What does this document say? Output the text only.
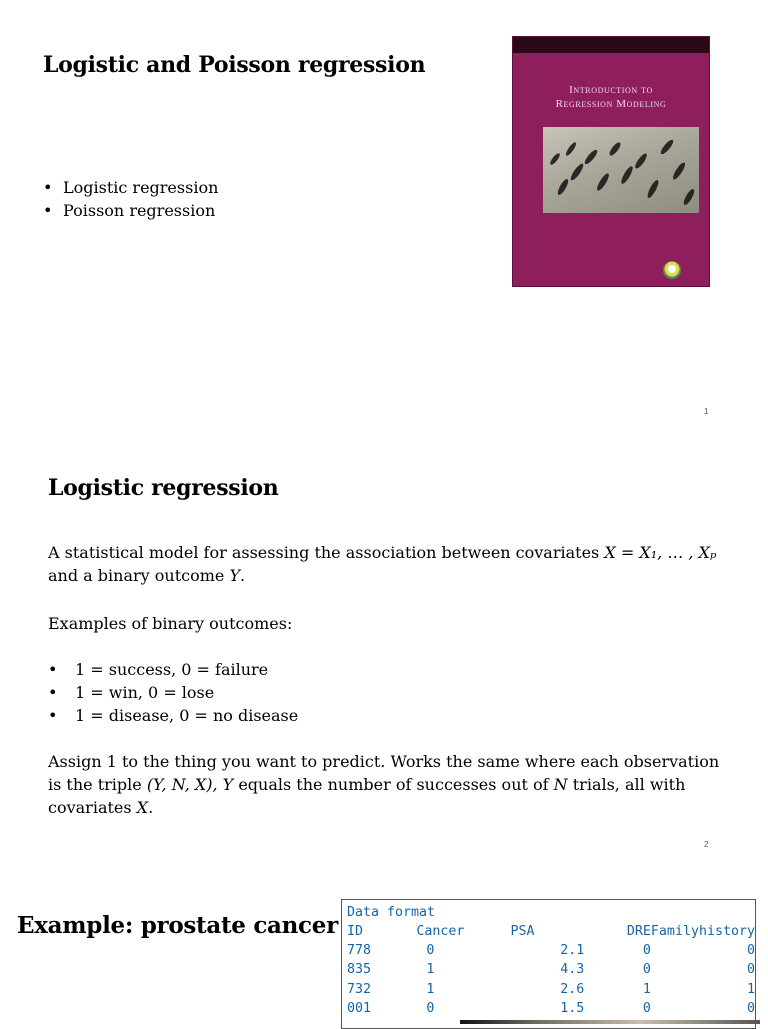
Logistic and Poisson regression
• Logistic regression
• Poisson regression
Introduction to
Regression Modeling
1
Logistic regression
A statistical model for assessing the association between covariates X = X₁, … , Xₚ
and a binary outcome Y.
Examples of binary outcomes:
• 1 = success, 0 = failure
• 1 = win, 0 = lose
• 1 = disease, 0 = no disease
Assign 1 to the thing you want to predict. Works the same where each observation
is the triple (Y, N, X), Y equals the number of successes out of N trials, all with
covariates X.
2
Example: prostate cancer Data format
ID	Cancer	PSA	DRE	Familyhistory
778	0	2.1	0	0
835	1	4.3	0	0
732	1	2.6	1	1
001	0	1.5	0	0
